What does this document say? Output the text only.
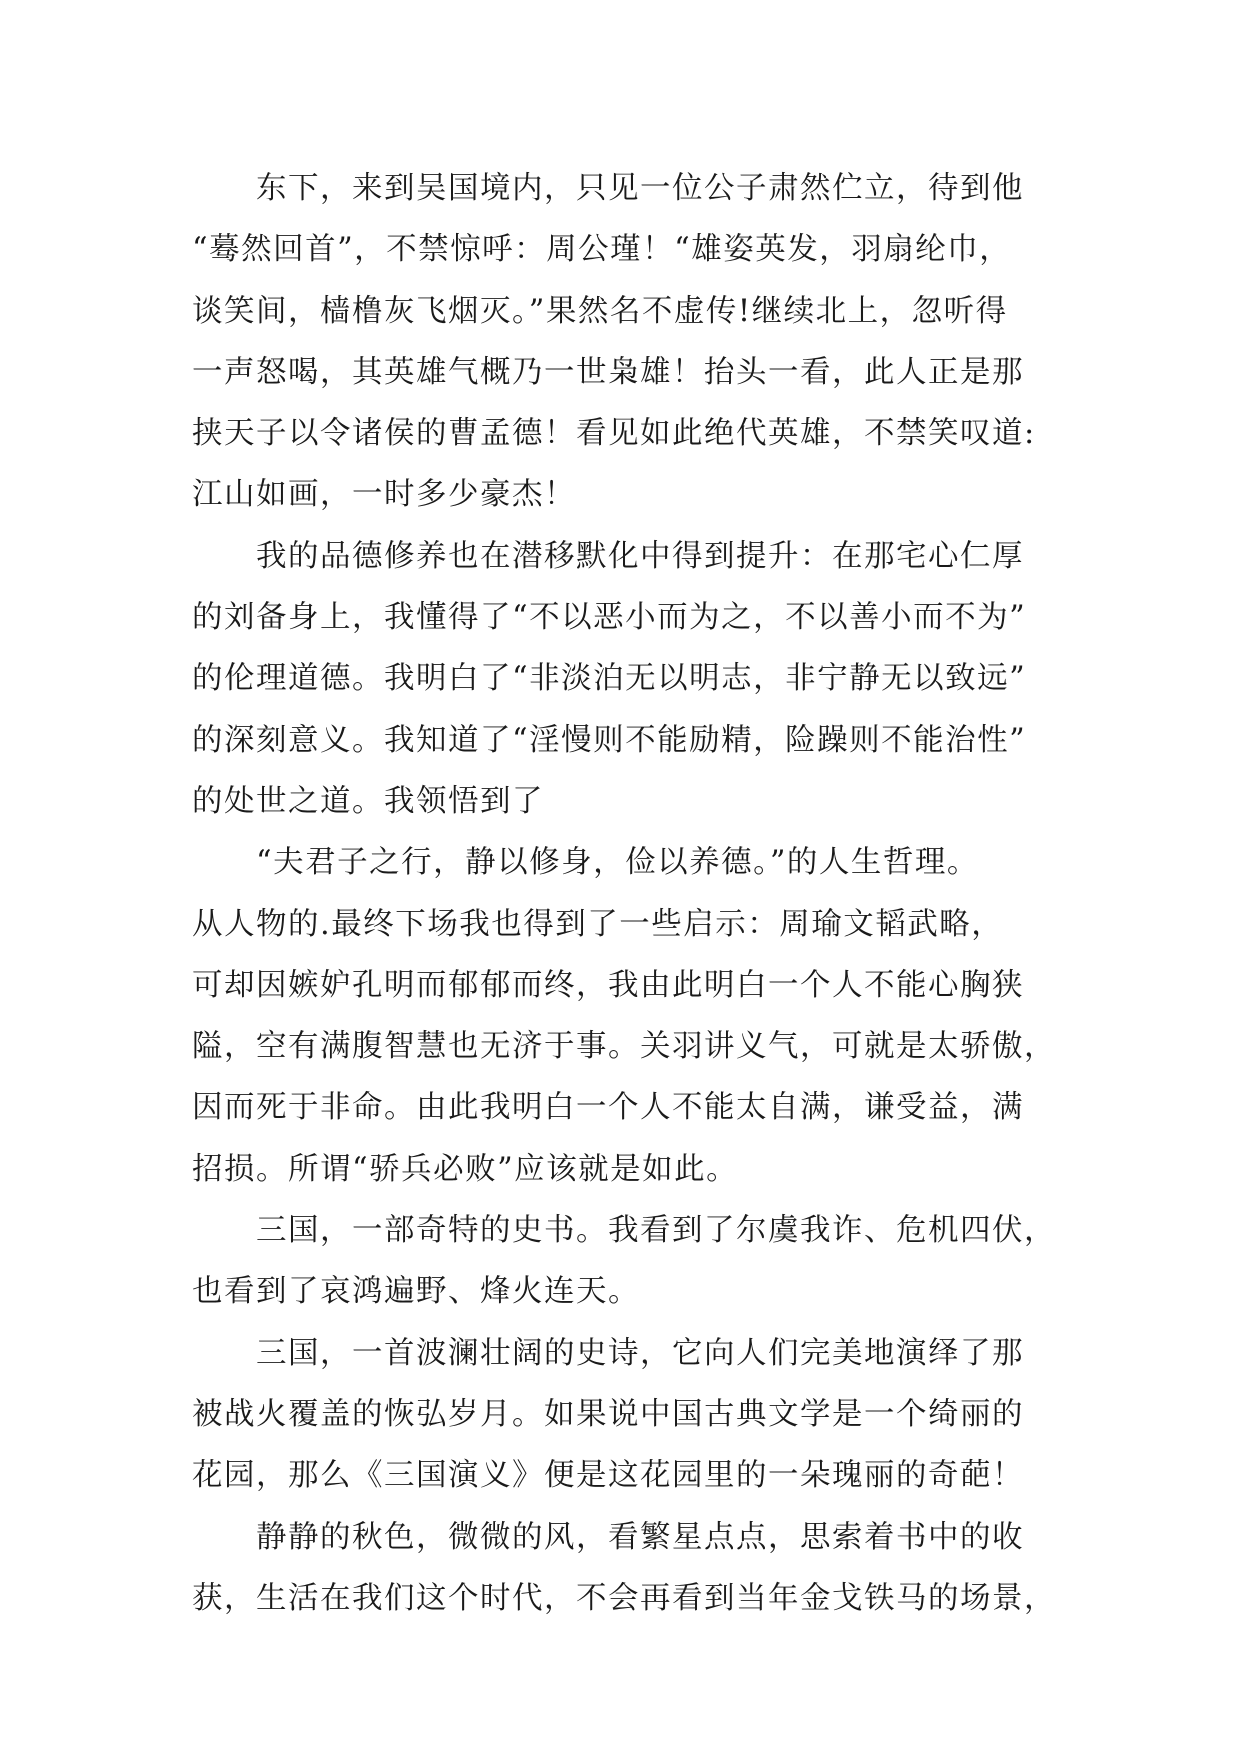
　　东下，来到吴国境内，只见一位公子肃然伫立，待到他
“蓦然回首”，不禁惊呼：周公瑾！“雄姿英发，羽扇纶巾，
谈笑间，樯橹灰飞烟灭。”果然名不虚传!继续北上，忽听得
一声怒喝，其英雄气概乃一世枭雄！抬头一看，此人正是那
挟天子以令诸侯的曹孟德！看见如此绝代英雄，不禁笑叹道:
江山如画，一时多少豪杰！
　　我的品德修养也在潜移默化中得到提升：在那宅心仁厚
的刘备身上，我懂得了“不以恶小而为之，不以善小而不为”
的伦理道德。我明白了“非淡泊无以明志，非宁静无以致远”
的深刻意义。我知道了“淫慢则不能励精，险躁则不能治性”
的处世之道。我领悟到了
　　“夫君子之行，静以修身，俭以养德。”的人生哲理。
从人物的.最终下场我也得到了一些启示：周瑜文韬武略，
可却因嫉妒孔明而郁郁而终，我由此明白一个人不能心胸狭
隘，空有满腹智慧也无济于事。关羽讲义气，可就是太骄傲，
因而死于非命。由此我明白一个人不能太自满，谦受益，满
招损。所谓“骄兵必败”应该就是如此。
　　三国，一部奇特的史书。我看到了尔虞我诈、危机四伏，
也看到了哀鸿遍野、烽火连天。
　　三国，一首波澜壮阔的史诗，它向人们完美地演绎了那
被战火覆盖的恢弘岁月。如果说中国古典文学是一个绮丽的
花园，那么《三国演义》便是这花园里的一朵瑰丽的奇葩！
　　静静的秋色，微微的风，看繁星点点，思索着书中的收
获，生活在我们这个时代，不会再看到当年金戈铁马的场景，
